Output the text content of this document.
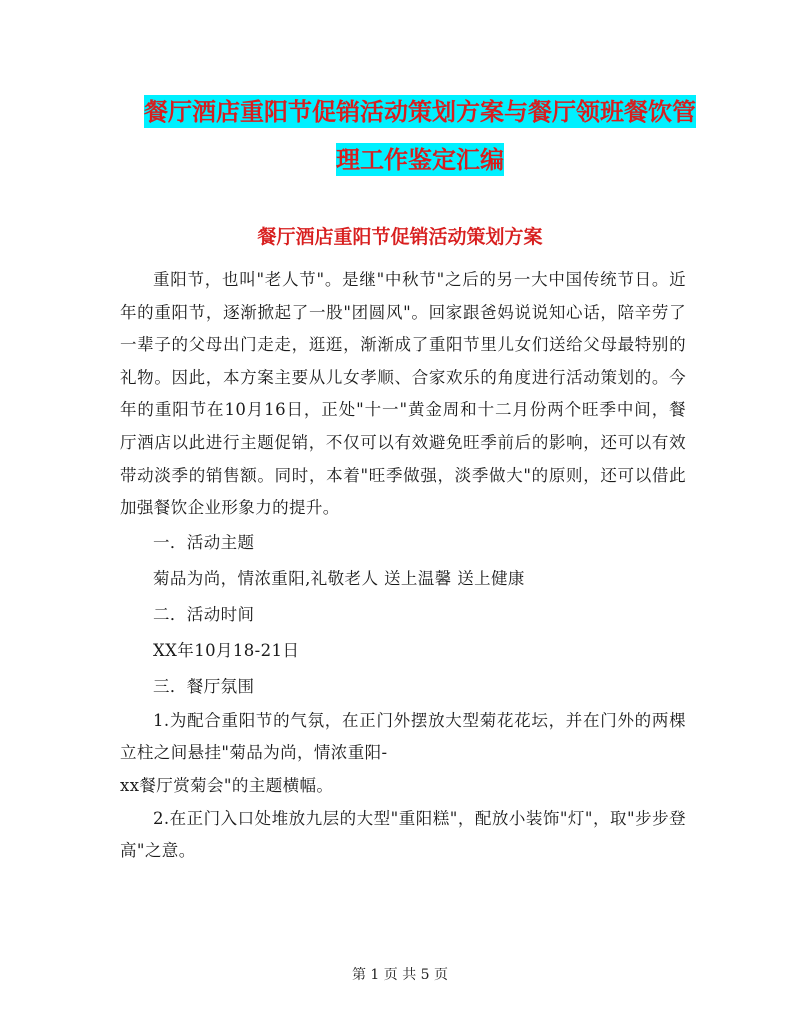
餐厅酒店重阳节促销活动策划方案与餐厅领班餐饮管
理工作鉴定汇编
餐厅酒店重阳节促销活动策划方案

重阳节，也叫"老人节"。是继"中秋节"之后的另一大中国传统节日。近年的重阳节，逐渐掀起了一股"团圆风"。回家跟爸妈说说知心话，陪辛劳了一辈子的父母出门走走，逛逛，渐渐成了重阳节里儿女们送给父母最特别的礼物。因此，本方案主要从儿女孝顺、合家欢乐的角度进行活动策划的。今年的重阳节在10月16日，正处"十一"黄金周和十二月份两个旺季中间，餐厅酒店以此进行主题促销，不仅可以有效避免旺季前后的影响，还可以有效带动淡季的销售额。同时，本着"旺季做强，淡季做大"的原则，还可以借此加强餐饮企业形象力的提升。

一．活动主题

菊品为尚，情浓重阳,礼敬老人 送上温馨 送上健康

二．活动时间

XX年10月18-21日

三．餐厅氛围

1.为配合重阳节的气氛，在正门外摆放大型菊花花坛，并在门外的两棵立柱之间悬挂"菊品为尚，情浓重阳-

xx餐厅赏菊会"的主题横幅。

2.在正门入口处堆放九层的大型"重阳糕"，配放小装饰"灯"，取"步步登高"之意。

第 1 页 共 5 页
